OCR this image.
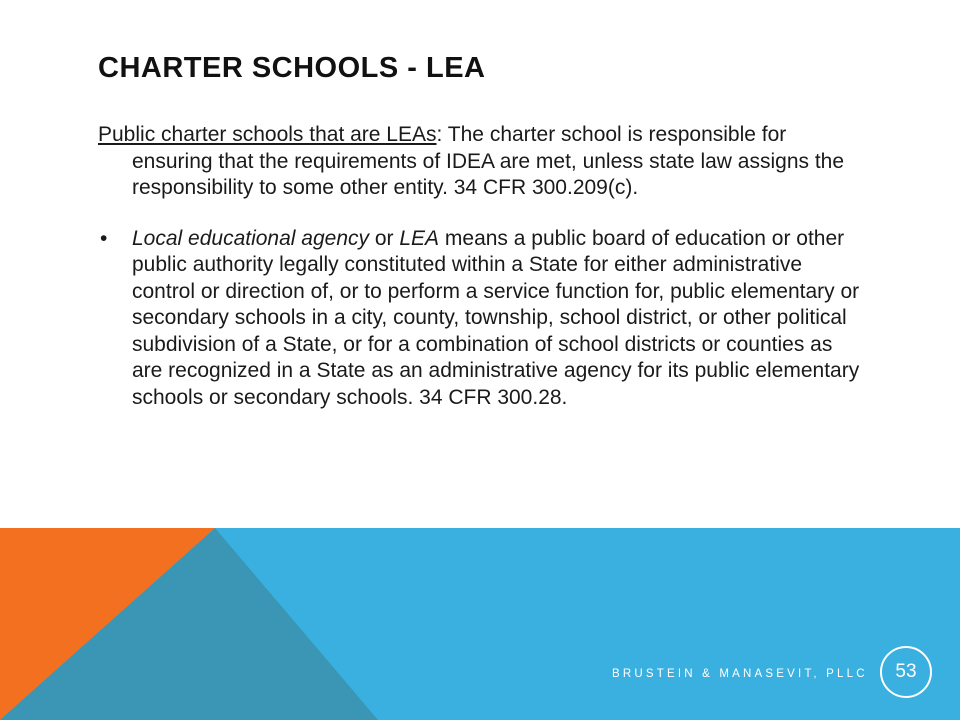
CHARTER SCHOOLS - LEA

Public charter schools that are LEAs: The charter school is responsible for ensuring that the requirements of IDEA are met, unless state law assigns the responsibility to some other entity. 34 CFR 300.209(c).

• Local educational agency or LEA means a public board of education or other public authority legally constituted within a State for either administrative control or direction of, or to perform a service function for, public elementary or secondary schools in a city, county, township, school district, or other political subdivision of a State, or for a combination of school districts or counties as are recognized in a State as an administrative agency for its public elementary schools or secondary schools. 34 CFR 300.28.
BRUSTEIN & MANASEVIT, PLLC 53
